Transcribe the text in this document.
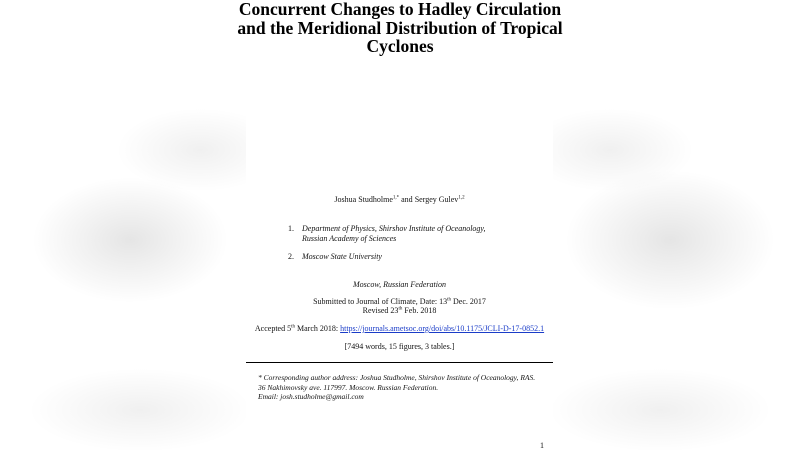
Concurrent Changes to Hadley Circulation
and the Meridional Distribution of Tropical
Cyclones
Joshua Studholme$^{1,*}$ and Sergey Gulev$^{1,2}$
1. Department of Physics, Shirshov Institute of Oceanology,
Russian Academy of Sciences
2. Moscow State University
Moscow, Russian Federation
Submitted to Journal of Climate, Date: 13th Dec. 2017
Revised 23th Feb. 2018
Accepted 5th March 2018: https://journals.ametsoc.org/doi/abs/10.1175/JCLI-D-17-0852.1
[7494 words, 15 figures, 3 tables.]
* Corresponding author address: Joshua Studholme, Shirshov Institute of Oceanology, RAS.
36 Nakhimovsky ave. 117997. Moscow. Russian Federation.
Email: josh.studholme@gmail.com
1
